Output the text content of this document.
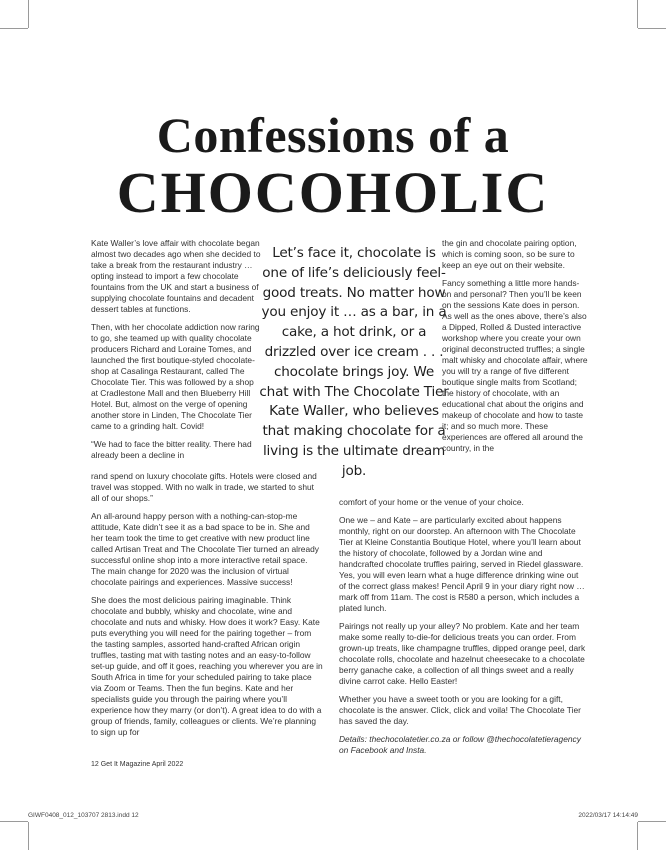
Confessions of a
CHOCOHOLIC

Kate Waller’s love affair with chocolate began almost two decades ago when she decided to take a break from the restaurant industry … opting instead to import a few chocolate fountains from the UK and start a business of supplying chocolate fountains and decadent dessert tables at functions.

Then, with her chocolate addiction now raring to go, she teamed up with quality chocolate producers Richard and Loraine Tomes, and launched the first boutique-styled chocolate-shop at Casalinga Restaurant, called The Chocolate Tier. This was followed by a shop at Cradlestone Mall and then Blueberry Hill Hotel. But, almost on the verge of opening another store in Linden, The Chocolate Tier came to a grinding halt. Covid!

“We had to face the bitter reality. There had already been a decline in

Let’s face it, chocolate is one of life’s deliciously feel-good treats. No matter how you enjoy it … as a bar, in a cake, a hot drink, or a drizzled over ice cream . . . chocolate brings joy. We chat with The Chocolate Tier Kate Waller, who believes that making chocolate for a living is the ultimate dream job.

the gin and chocolate pairing option, which is coming soon, so be sure to keep an eye out on their website.

Fancy something a little more hands-on and personal? Then you’ll be keen on the sessions Kate does in person. As well as the ones above, there’s also a Dipped, Rolled & Dusted interactive workshop where you create your own original deconstructed truffles; a single malt whisky and chocolate affair, where you will try a range of five different boutique single malts from Scotland; the history of chocolate, with an educational chat about the origins and makeup of chocolate and how to taste it; and so much more. These experiences are offered all around the country, in the

rand spend on luxury chocolate gifts. Hotels were closed and travel was stopped. With no walk in trade, we started to shut all of our shops.”

An all-around happy person with a nothing-can-stop-me attitude, Kate didn’t see it as a bad space to be in. She and her team took the time to get creative with new product line called Artisan Treat and The Chocolate Tier turned an already successful online shop into a more interactive retail space. The main change for 2020 was the inclusion of virtual chocolate pairings and experiences. Massive success!

She does the most delicious pairing imaginable. Think chocolate and bubbly, whisky and chocolate, wine and chocolate and nuts and whisky. How does it work? Easy. Kate puts everything you will need for the pairing together – from the tasting samples, assorted hand-crafted African origin truffles, tasting mat with tasting notes and an easy-to-follow set-up guide, and off it goes, reaching you wherever you are in South Africa in time for your scheduled pairing to take place via Zoom or Teams. Then the fun begins. Kate and her specialists guide you through the pairing where you’ll experience how they marry (or don’t). A great idea to do with a group of friends, family, colleagues or clients. We’re planning to sign up for

comfort of your home or the venue of your choice.

One we – and Kate – are particularly excited about happens monthly, right on our doorstep. An afternoon with The Chocolate Tier at Kleine Constantia Boutique Hotel, where you’ll learn about the history of chocolate, followed by a Jordan wine and handcrafted chocolate truffles pairing, served in Riedel glassware. Yes, you will even learn what a huge difference drinking wine out of the correct glass makes! Pencil April 9 in your diary right now … mark off from 11am. The cost is R580 a person, which includes a plated lunch.

Pairings not really up your alley? No problem. Kate and her team make some really to-die-for delicious treats you can order. From grown-up treats, like champagne truffles, dipped orange peel, dark chocolate rolls, chocolate and hazelnut cheesecake to a chocolate berry ganache cake, a collection of all things sweet and a really divine carrot cake. Hello Easter!

Whether you have a sweet tooth or you are looking for a gift, chocolate is the answer. Click, click and voila! The Chocolate Tier has saved the day.

Details: thechocolatetier.co.za or follow @thechocolatetieragency on Facebook and Insta.

12 Get It Magazine April 2022
GIWF0408_012_103707 2813.indd 12	2022/03/17 14:14:49
